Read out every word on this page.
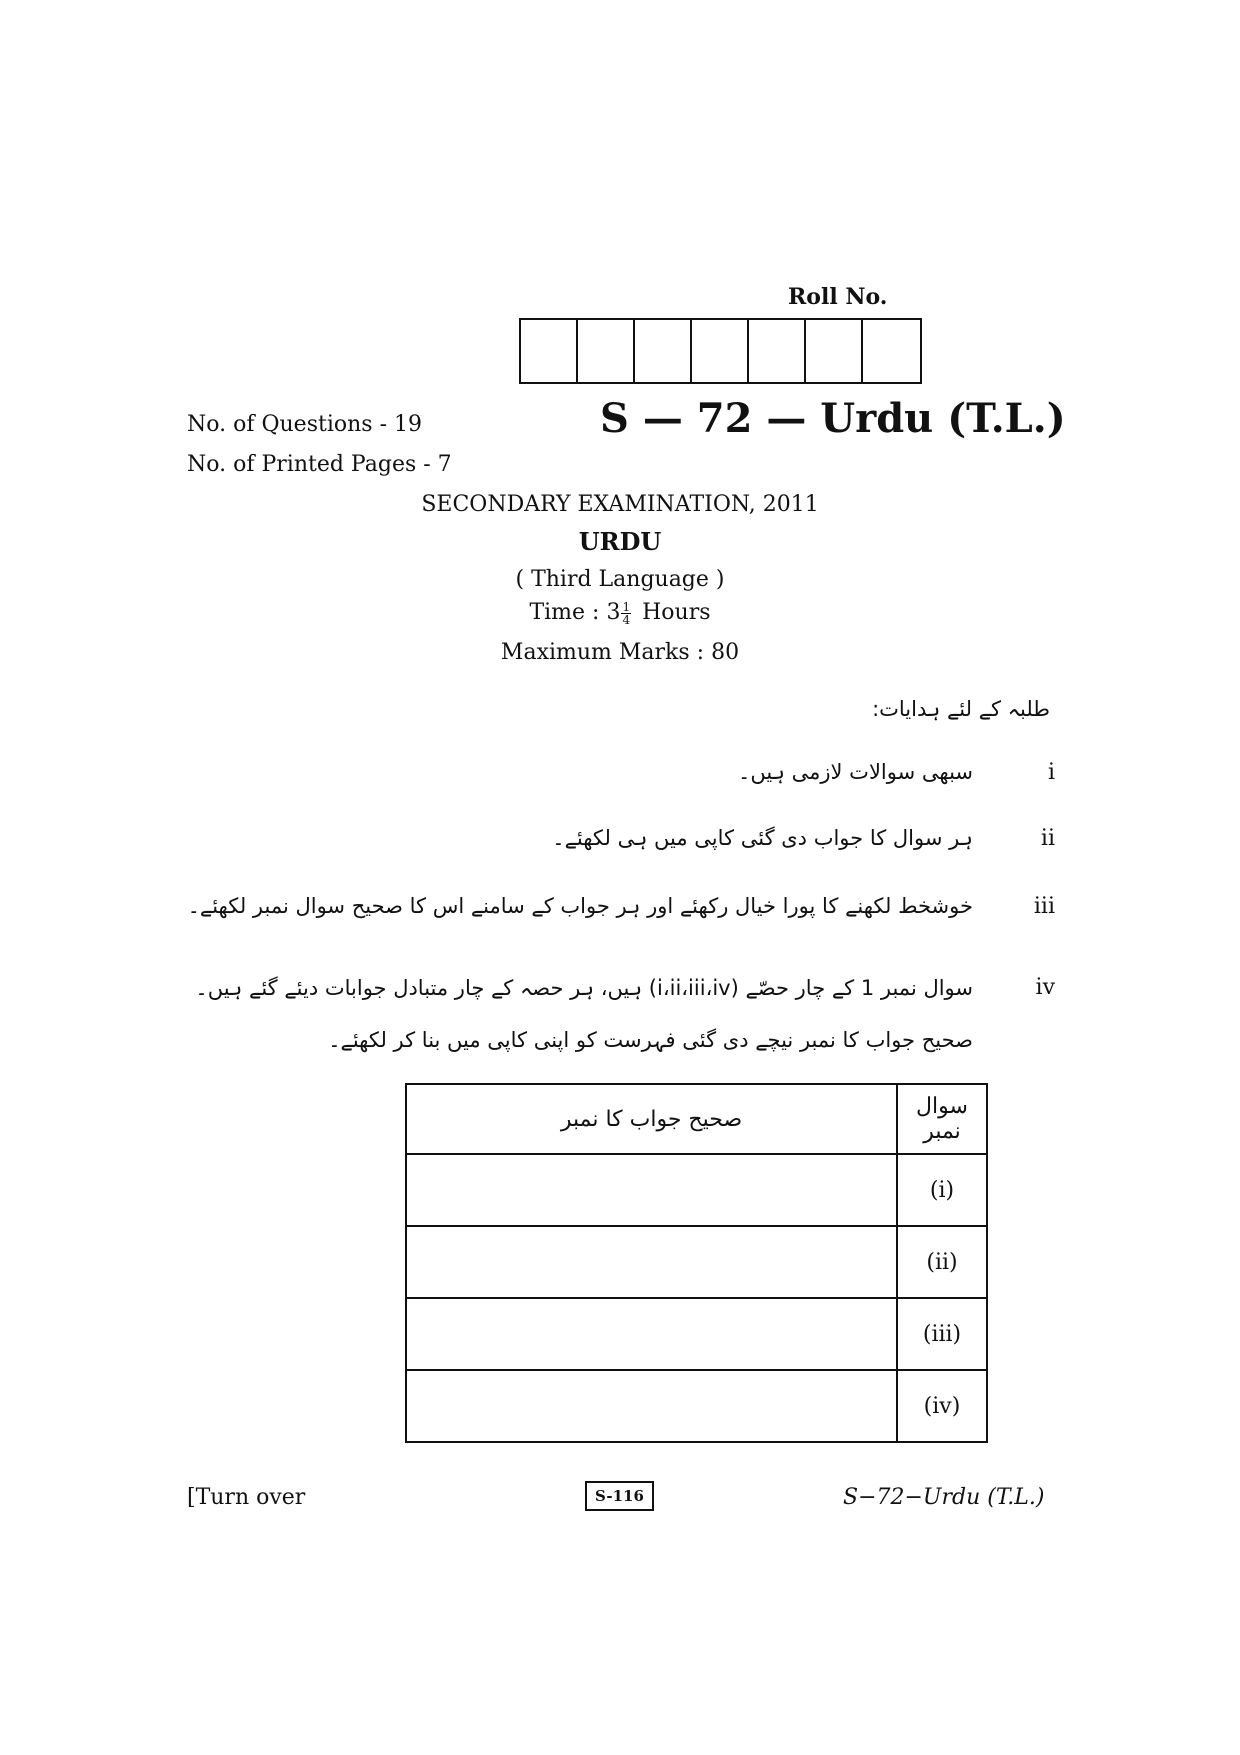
Roll No.
No. of Questions - 19	S — 72 — Urdu (T.L.)
No. of Printed Pages - 7
SECONDARY EXAMINATION, 2011
URDU
( Third Language )
Time : $3 \frac{1}{4}$ Hours
Maximum Marks : 80
طلبہ کے لئے ہدایات:
i
سبھی سوالات لازمی ہیں۔
ii
ہر سوال کا جواب دی گئی کاپی میں ہی لکھئے۔
iii
خوشخط لکھنے کا پورا خیال رکھئے اور ہر جواب کے سامنے اس کا صحیح سوال نمبر لکھئے۔
iv
سوال نمبر 1 کے چار حصّے (i،ii،iii،iv) ہیں، ہر حصہ کے چار متبادل جوابات دیئے گئے ہیں۔ صحیح جواب کا نمبر نیچے دی گئی فہرست کو اپنی کاپی میں بنا کر لکھئے۔
صحیح جواب کا نمبر	سوال نمبر
	(i)
	(ii)
	(iii)
	(iv)
[Turn over	S-116	S−72−Urdu (T.L.)
